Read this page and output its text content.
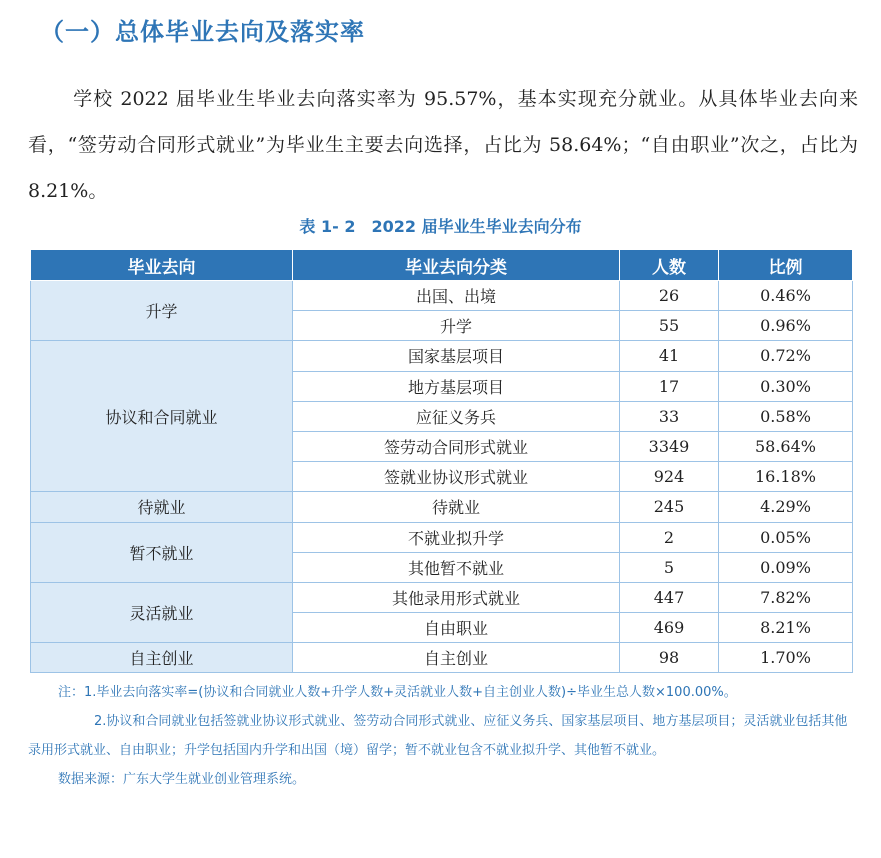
（一）总体毕业去向及落实率
学校 2022 届毕业生毕业去向落实率为 95.57%，基本实现充分就业。从具体毕业去向来看，“签劳动合同形式就业”为毕业生主要去向选择，占比为 58.64%；“自由职业”次之，占比为 8.21%。
表 1- 2　2022 届毕业生毕业去向分布
毕业去向	毕业去向分类	人数	比例
升学	出国、出境	26	0.46%
	升学	55	0.96%
协议和合同就业	国家基层项目	41	0.72%
	地方基层项目	17	0.30%
	应征义务兵	33	0.58%
	签劳动合同形式就业	3349	58.64%
	签就业协议形式就业	924	16.18%
待就业	待就业	245	4.29%
暂不就业	不就业拟升学	2	0.05%
	其他暂不就业	5	0.09%
灵活就业	其他录用形式就业	447	7.82%
	自由职业	469	8.21%
自主创业	自主创业	98	1.70%

注：1.毕业去向落实率=(协议和合同就业人数+升学人数+灵活就业人数+自主创业人数)÷毕业生总人数×100.00%。

2.协议和合同就业包括签就业协议形式就业、签劳动合同形式就业、应征义务兵、国家基层项目、地方基层项目；灵活就业包括其他录用形式就业、自由职业；升学包括国内升学和出国（境）留学；暂不就业包含不就业拟升学、其他暂不就业。

数据来源：广东大学生就业创业管理系统。
